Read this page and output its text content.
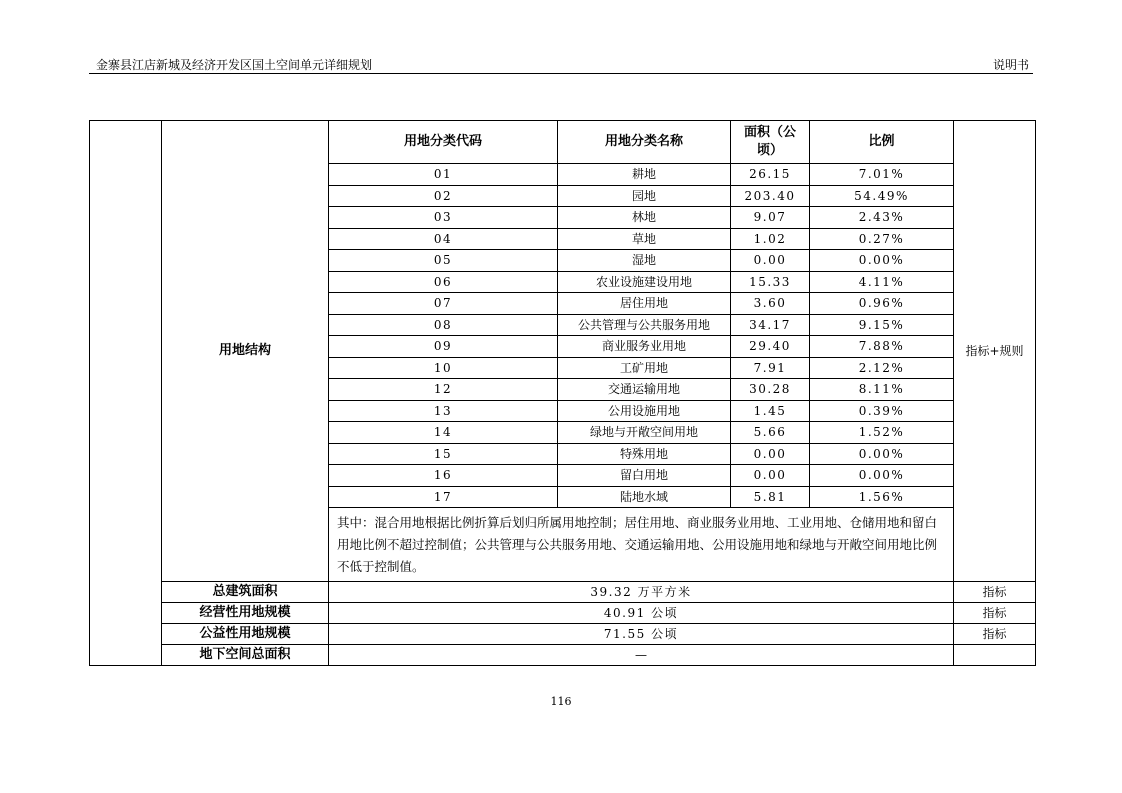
金寨县江店新城及经济开发区国土空间单元详细规划	说明书
	用地结构	用地分类代码	用地分类名称	面积（公
顷）	比例	指标+规则
		01	耕地	26.15	7.01%	
		02	园地	203.40	54.49%	
		03	林地	9.07	2.43%	
		04	草地	1.02	0.27%	
		05	湿地	0.00	0.00%	
		06	农业设施建设用地	15.33	4.11%	
		07	居住用地	3.60	0.96%	
		08	公共管理与公共服务用地	34.17	9.15%	
		09	商业服务业用地	29.40	7.88%	
		10	工矿用地	7.91	2.12%	
		12	交通运输用地	30.28	8.11%	
		13	公用设施用地	1.45	0.39%	
		14	绿地与开敞空间用地	5.66	1.52%	
		15	特殊用地	0.00	0.00%	
		16	留白用地	0.00	0.00%	
		17	陆地水域	5.81	1.56%	
		其中：混合用地根据比例折算后划归所属用地控制；居住用地、商业服务业用地、工业用地、仓储用地和留白用地比例不超过控制值；公共管理与公共服务用地、交通运输用地、公用设施用地和绿地与开敞空间用地比例不低于控制值。				
	总建筑面积	39.32 万平方米				指标
	经营性用地规模	40.91 公顷				指标
	公益性用地规模	71.55 公顷				指标
	地下空间总面积	—				
116
